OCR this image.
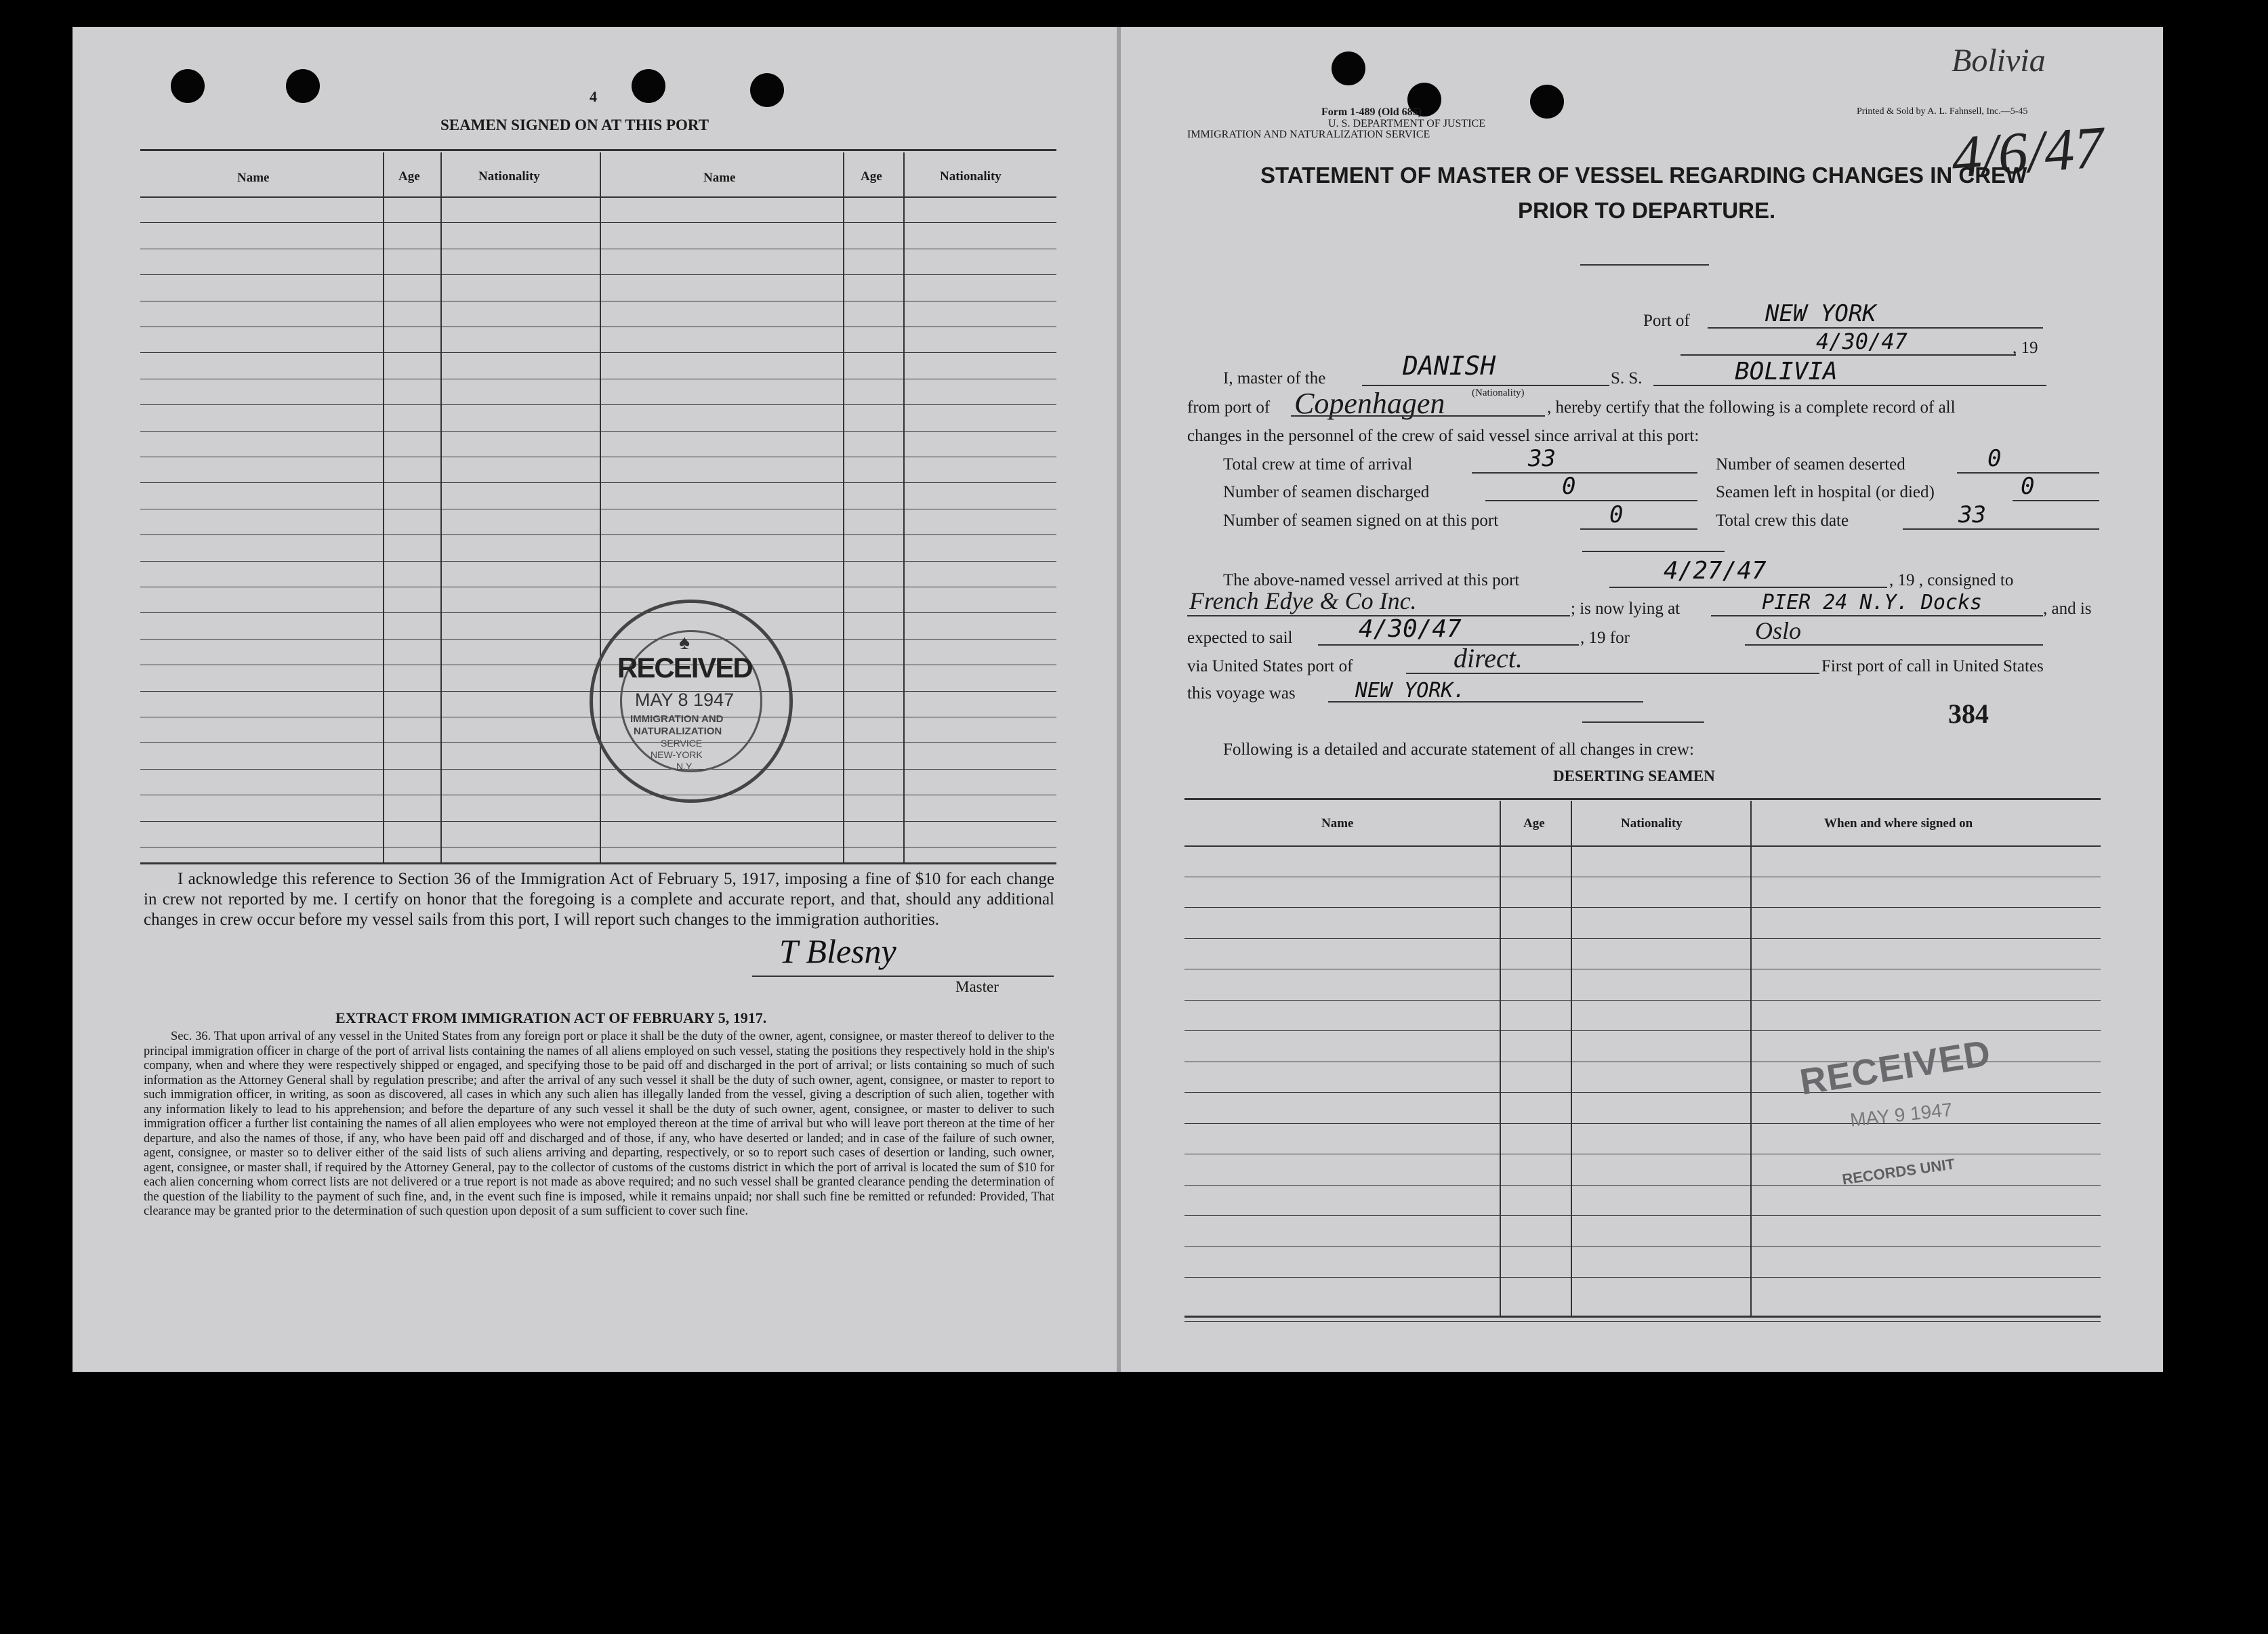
4
SEAMEN SIGNED ON AT THIS PORT
Name	Age	Nationality	Name	Age	Nationality
♠
RECEIVED
MAY 8 1947
IMMIGRATION AND
NATURALIZATION
SERVICE
NEW-YORK
N.Y.
I acknowledge this reference to Section 36 of the Immigration Act of February 5, 1917, imposing a fine of $10 for each change in crew not reported by me. I certify on honor that the foregoing is a complete and accurate report, and that, should any additional changes in crew occur before my vessel sails from this port, I will report such changes to the immigration authorities.
T Blesny
Master
EXTRACT FROM IMMIGRATION ACT OF FEBRUARY 5, 1917.
Sec. 36. That upon arrival of any vessel in the United States from any foreign port or place it shall be the duty of the owner, agent, consignee, or master thereof to deliver to the principal immigration officer in charge of the port of arrival lists containing the names of all aliens employed on such vessel, stating the positions they respectively hold in the ship's company, when and where they were respectively shipped or engaged, and specifying those to be paid off and discharged in the port of arrival; or lists containing so much of such information as the Attorney General shall by regulation prescribe; and after the arrival of any such vessel it shall be the duty of such owner, agent, consignee, or master to report to such immigration officer, in writing, as soon as discovered, all cases in which any such alien has illegally landed from the vessel, giving a description of such alien, together with any information likely to lead to his apprehension; and before the departure of any such vessel it shall be the duty of such owner, agent, consignee, or master to deliver to such immigration officer a further list containing the names of all alien employees who were not employed thereon at the time of arrival but who will leave port thereon at the time of her departure, and also the names of those, if any, who have been paid off and discharged and of those, if any, who have deserted or landed; and in case of the failure of such owner, agent, consignee, or master so to deliver either of the said lists of such aliens arriving and departing, respectively, or so to report such cases of desertion or landing, such owner, agent, consignee, or master shall, if required by the Attorney General, pay to the collector of customs of the customs district in which the port of arrival is located the sum of $10 for each alien concerning whom correct lists are not delivered or a true report is not made as above required; and no such vessel shall be granted clearance pending the determination of the question of the liability to the payment of such fine, and, in the event such fine is imposed, while it remains unpaid; nor shall such fine be remitted or refunded: Provided, That clearance may be granted prior to the determination of such question upon deposit of a sum sufficient to cover such fine.
Bolivia
4/6/47
Form 1-489 (Old 685)
U. S. DEPARTMENT OF JUSTICE
IMMIGRATION AND NATURALIZATION SERVICE
Printed & Sold by A. L. Fahnsell, Inc.—5-45
STATEMENT OF MASTER OF VESSEL REGARDING CHANGES IN CREW
PRIOR TO DEPARTURE.
Port of	NEW YORK
4/30/47	, 19
I, master of the	DANISH	S. S.	BOLIVIA
(Nationality)
from port of Copenhagen	, hereby certify that the following is a complete record of all
changes in the personnel of the crew of said vessel since arrival at this port:
Total crew at time of arrival	33	Number of seamen deserted	0
Number of seamen discharged	0	Seamen left in hospital (or died)	0
Number of seamen signed on at this port	0	Total crew this date	33
The above-named vessel arrived at this port	4/27/47	, 19 , consigned to
French Edye & Co Inc.	; is now lying at	PIER 24 N.Y. Docks	, and is
expected to sail	4/30/47	, 19 for	Oslo
via United States port of	direct.	First port of call in United States
this voyage was	NEW YORK.
384
Following is a detailed and accurate statement of all changes in crew:
DESERTING SEAMEN
Name	Age	Nationality	When and where signed on
RECEIVED
MAY 9 1947
RECORDS UNIT
